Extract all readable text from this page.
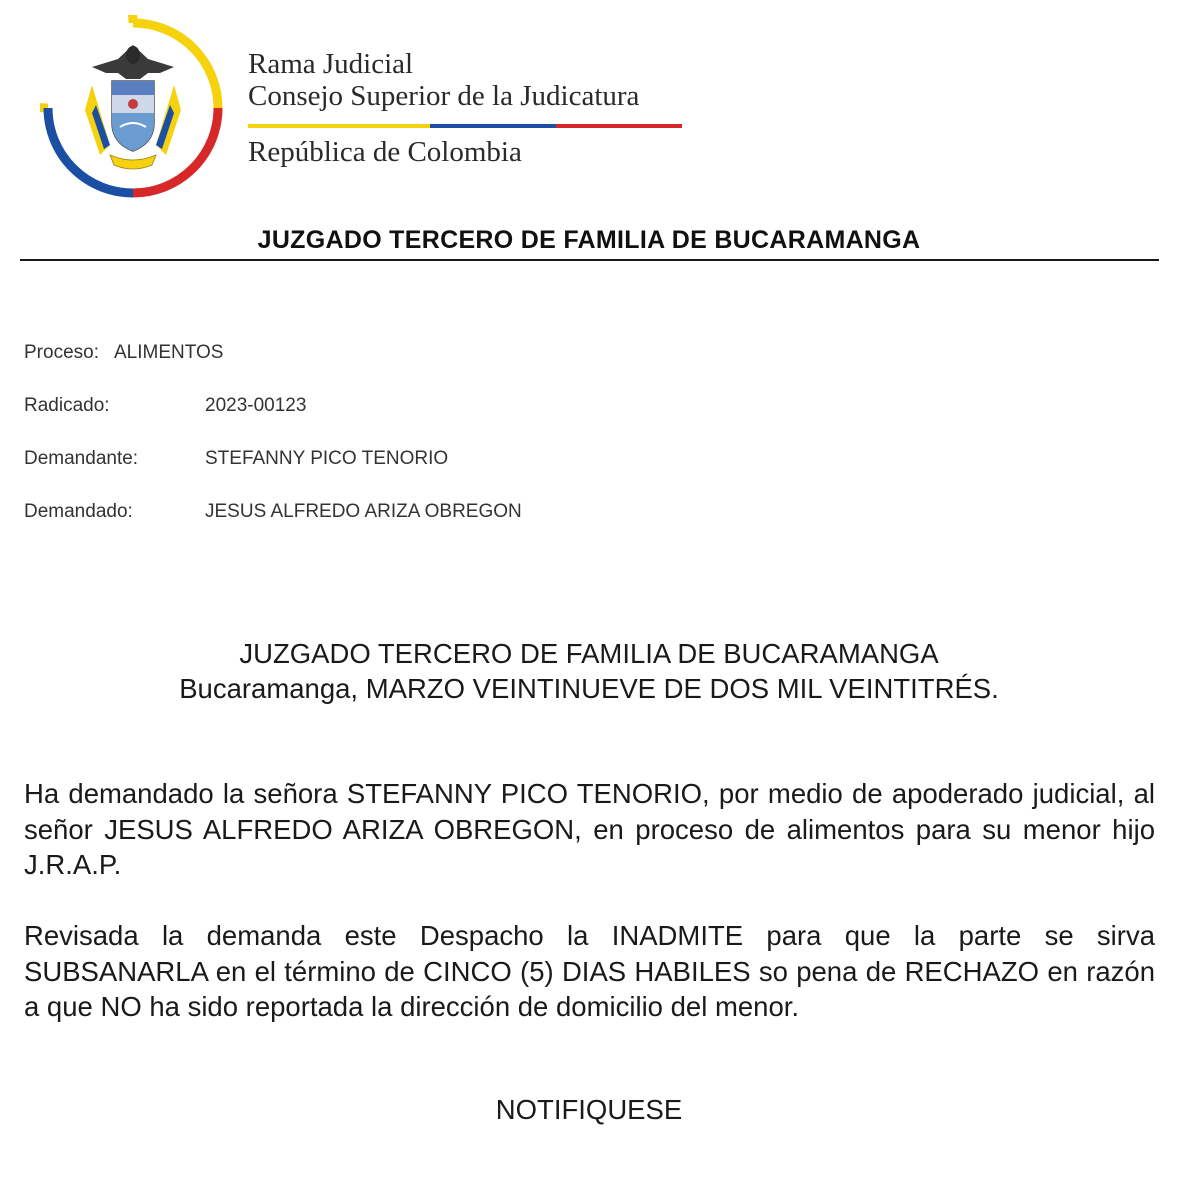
Rama Judicial
Consejo Superior de la Judicatura
República de Colombia
JUZGADO TERCERO DE FAMILIA DE BUCARAMANGA
Proceso: ALIMENTOS
Radicado:	2023-00123
Demandante:	STEFANNY PICO TENORIO
Demandado:	JESUS ALFREDO ARIZA OBREGON
JUZGADO TERCERO DE FAMILIA DE BUCARAMANGA
Bucaramanga, MARZO VEINTINUEVE DE DOS MIL VEINTITRÉS.

Ha demandado la señora STEFANNY PICO TENORIO, por medio de apoderado judicial, al señor JESUS ALFREDO ARIZA OBREGON, en proceso de alimentos para su menor hijo J.R.A.P.

Revisada la demanda este Despacho la INADMITE para que la parte se sirva SUBSANARLA en el término de CINCO (5) DIAS HABILES so pena de RECHAZO en razón a que NO ha sido reportada la dirección de domicilio del menor.

NOTIFIQUESE
